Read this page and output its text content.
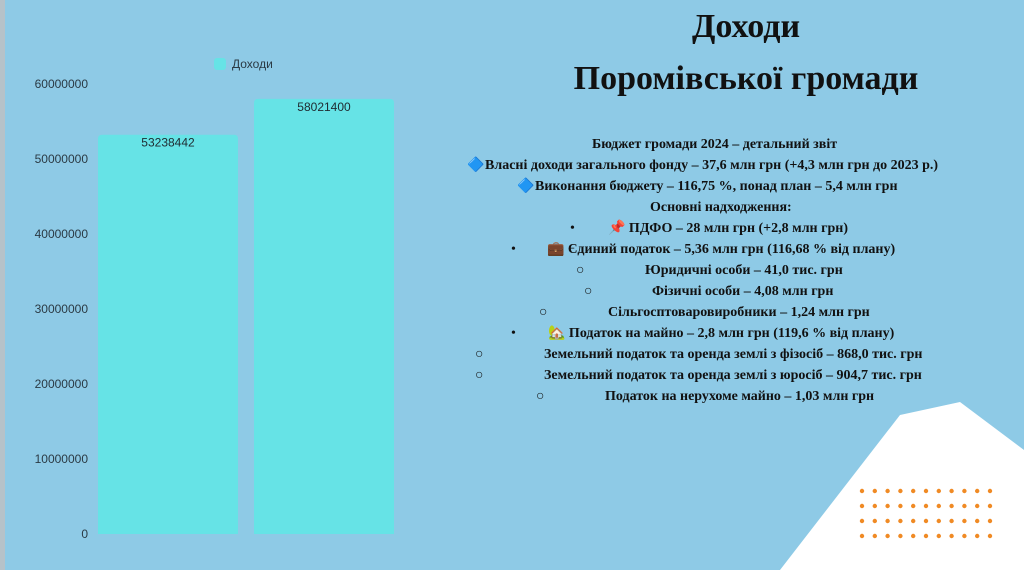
0
10000000
20000000
30000000
40000000
50000000
60000000
Доходи
53238442
58021400
Доходи
Поромівської громади
Бюджет громади 2024 – детальний звіт
🔷 Власні доходи загального фонду – 37,6 млн грн (+4,3 млн грн до 2023 р.)
🔷 Виконання бюджету – 116,75 %, понад план – 5,4 млн грн
Основні надходження:
• 📌 ПДФО – 28 млн грн (+2,8 млн грн)
• 💼 Єдиний податок – 5,36 млн грн (116,68 % від плану)
○	Юридичні особи – 41,0 тис. грн
○	Фізичні особи – 4,08 млн грн
○	Сільгосптоваровиробники – 1,24 млн грн
• 🏡 Податок на майно – 2,8 млн грн (119,6 % від плану)
○	Земельний податок та оренда землі з фізосіб – 868,0 тис. грн
○	Земельний податок та оренда землі з юросіб – 904,7 тис. грн
○	Податок на нерухоме майно – 1,03 млн грн
